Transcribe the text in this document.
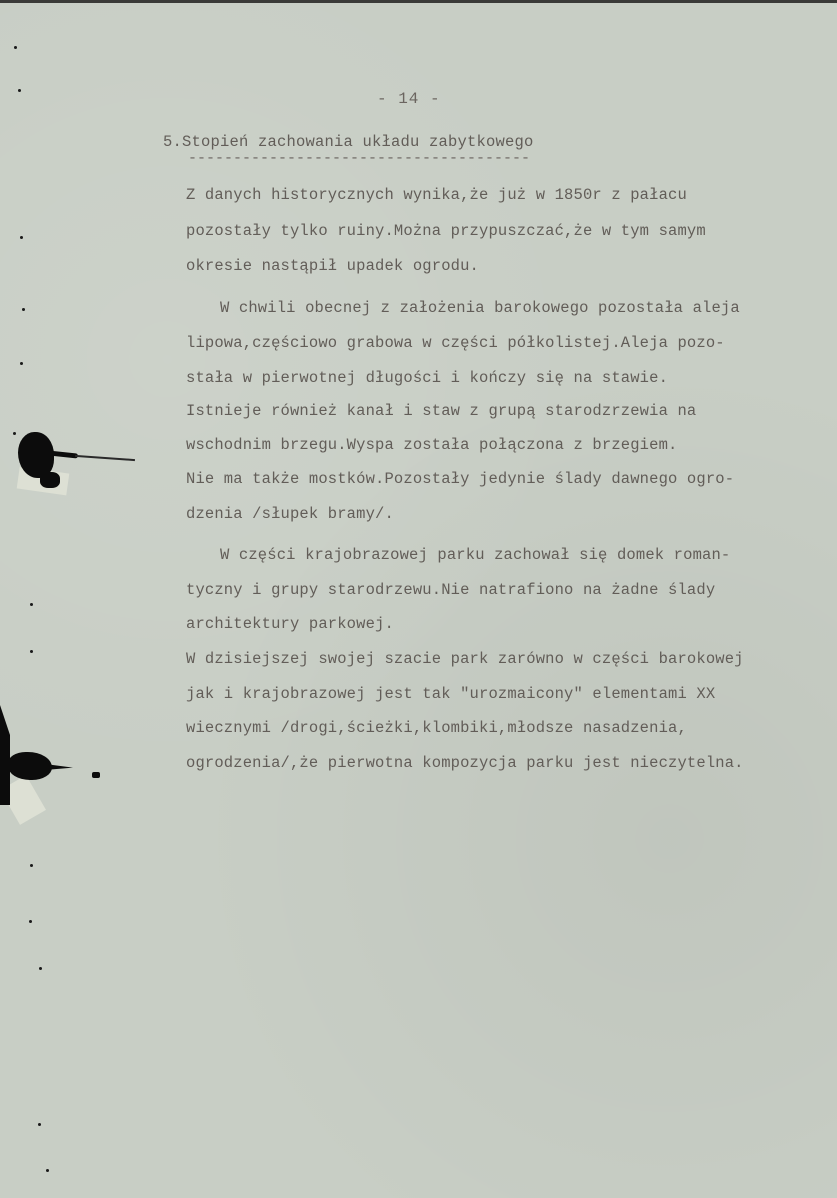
- 14 -
5.Stopień zachowania układu zabytkowego
--------------------------------------
Z danych historycznych wynika,że już w 1850r z pałacu
pozostały tylko ruiny.Można przypuszczać,że w tym samym
okresie nastąpił upadek ogrodu.
W chwili obecnej z założenia barokowego pozostała aleja
lipowa,częściowo grabowa w części półkolistej.Aleja pozo-
stała w pierwotnej długości i kończy się na stawie.
Istnieje również kanał i staw z grupą starodzrzewia na
wschodnim brzegu.Wyspa została połączona z brzegiem.
Nie ma także mostków.Pozostały jedynie ślady dawnego ogro-
dzenia /słupek bramy/.
W części krajobrazowej parku zachował się domek roman-
tyczny i grupy starodrzewu.Nie natrafiono na żadne ślady
architektury parkowej.
W dzisiejszej swojej szacie park zarówno w części barokowej
jak i krajobrazowej jest tak "urozmaicony" elementami XX
wiecznymi /drogi,ścieżki,klombiki,młodsze nasadzenia,
ogrodzenia/,że pierwotna kompozycja parku jest nieczytelna.
